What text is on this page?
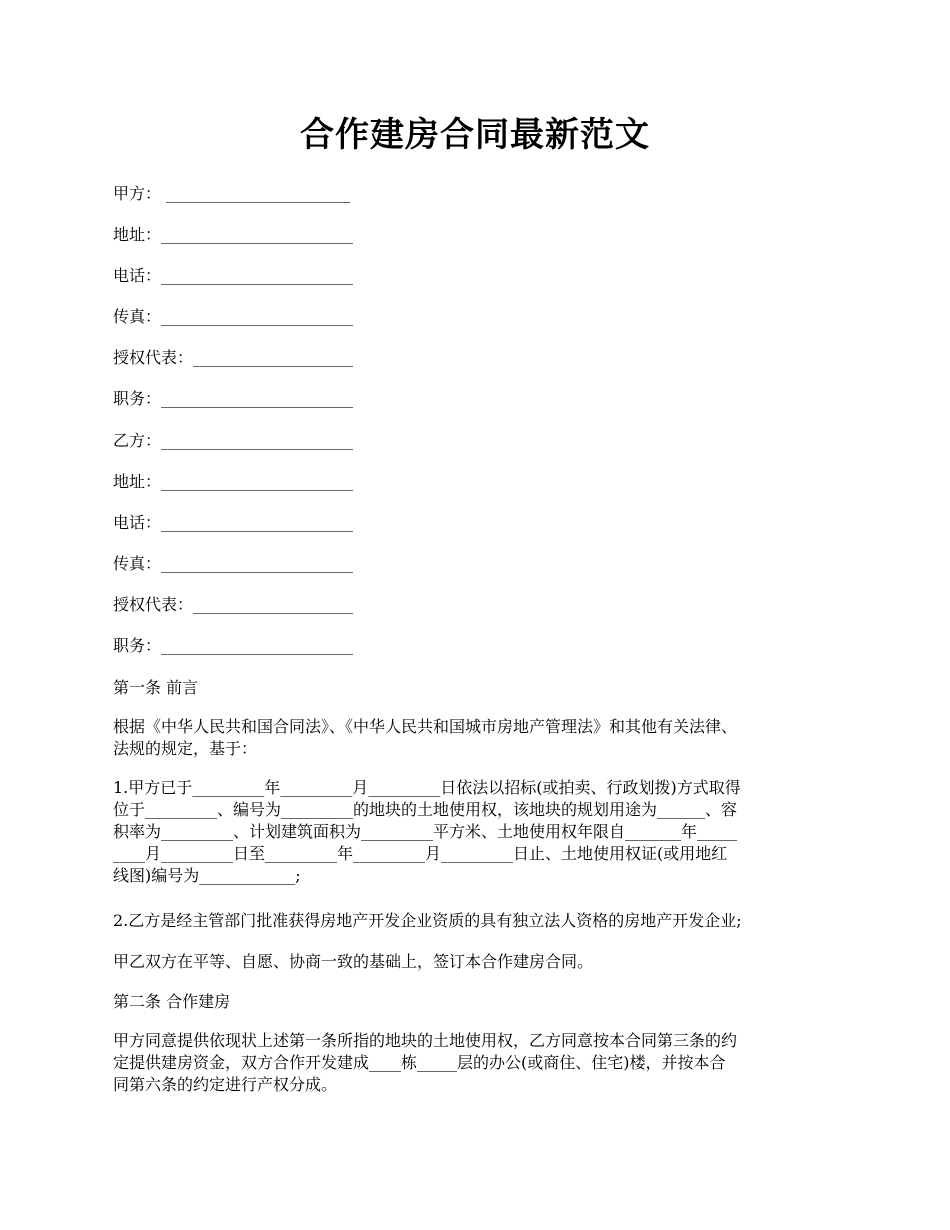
合作建房合同最新范文
甲方： _______________________
地址：________________________
电话：________________________
传真：________________________
授权代表：____________________
职务：________________________
乙方：________________________
地址：________________________
电话：________________________
传真：________________________
授权代表：____________________
职务：________________________
第一条 前言
根据《中华人民共和国合同法》、《中华人民共和国城市房地产管理法》和其他有关法律、
法规的规定，基于：
1.甲方已于_________年_________月_________日依法以招标(或拍卖、行政划拨)方式取得
位于_________、编号为_________的地块的土地使用权，该地块的规划用途为______、容
积率为_________、计划建筑面积为_________平方米、土地使用权年限自_______年_____
____月_________日至_________年_________月_________日止、土地使用权证(或用地红
线图)编号为____________;
2.乙方是经主管部门批准获得房地产开发企业资质的具有独立法人资格的房地产开发企业;
甲乙双方在平等、自愿、协商一致的基础上，签订本合作建房合同。
第二条 合作建房
甲方同意提供依现状上述第一条所指的地块的土地使用权，乙方同意按本合同第三条的约
定提供建房资金，双方合作开发建成____栋_____层的办公(或商住、住宅)楼，并按本合
同第六条的约定进行产权分成。
